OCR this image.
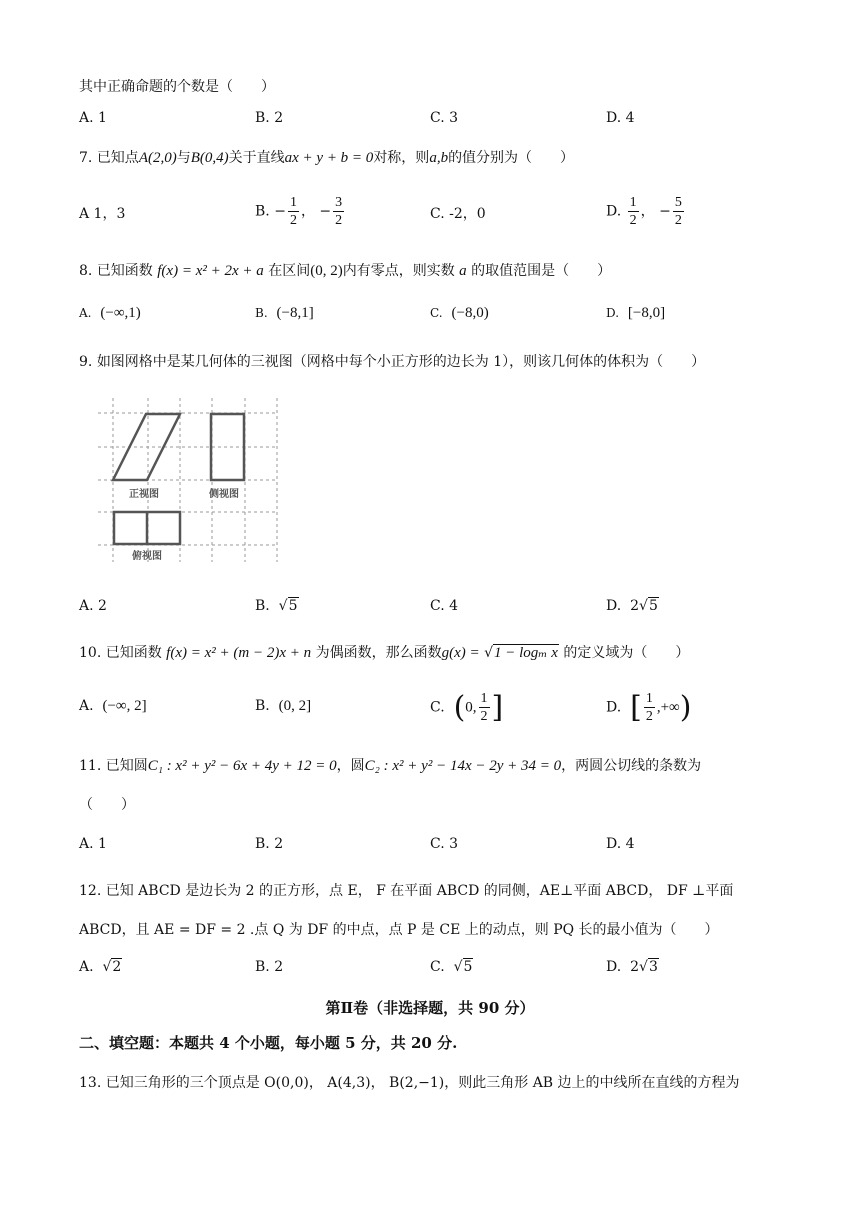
其中正确命题的个数是（　　）
A. 1	B. 2	C. 3	D. 4
7. 已知点A(2,0)与B(0,4)关于直线ax + y + b = 0对称，则a,b的值分别为（　　）
A 1，3	B. − $\frac{1}{2}$ ， − $\frac{3}{2}$	C. -2，0	D. $\frac{1}{2}$ ， − $\frac{5}{2}$
8. 已知函数 f(x) = x² + 2x + a 在区间(0, 2)内有零点，则实数 a 的取值范围是（　　）
A. (−∞,1)	B. (−8,1]	C. (−8,0)	D. [−8,0]
9. 如图网格中是某几何体的三视图（网格中每个小正方形的边长为 1），则该几何体的体积为（　　）
正视图	侧视图
俯视图
A. 2	B. √5	C. 4	D. 2√5
10. 已知函数 f(x) = x² + (m − 2)x + n 为偶函数，那么函数g(x) = √1 − logₘ x 的定义域为（　　）
A. (−∞, 2]	B. (0, 2]	C. (0, $\frac{1}{2}$ ]	D. [ $\frac{1}{2}$ ,+∞)
11. 已知圆C₁ : x² + y² − 6x + 4y + 12 = 0，圆C₂ : x² + y² − 14x − 2y + 34 = 0，两圆公切线的条数为
（　　）
A. 1	B. 2	C. 3	D. 4
12. 已知 ABCD 是边长为 2 的正方形，点 E， F 在平面 ABCD 的同侧，AE⊥平面 ABCD， DF ⊥平面
ABCD，且 AE = DF = 2 .点 Q 为 DF 的中点，点 P 是 CE 上的动点，则 PQ 长的最小值为（　　）
A. √2	B. 2	C. √5	D. 2√3
第Ⅱ卷（非选择题，共 90 分）
二、填空题：本题共 4 个小题，每小题 5 分，共 20 分.
13. 已知三角形的三个顶点是 O(0,0)， A(4,3)， B(2,−1)，则此三角形 AB 边上的中线所在直线的方程为
